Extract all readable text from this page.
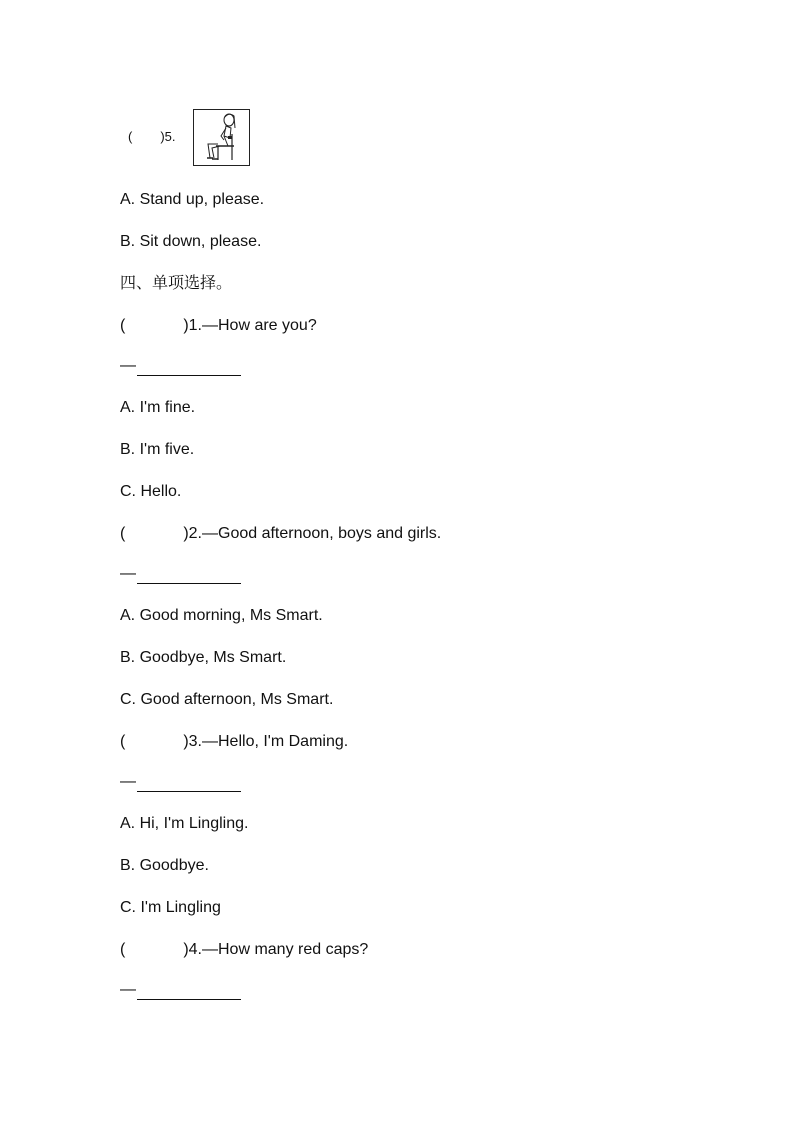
( )5.
A. Stand up, please.
B. Sit down, please.
四、单项选择。
(	)1.—How are you?
—
A. I'm fine.
B. I'm five.
C. Hello.
(	)2.—Good afternoon, boys and girls.
—
A. Good morning, Ms Smart.
B. Goodbye, Ms Smart.
C. Good afternoon, Ms Smart.
(	)3.—Hello, I'm Daming.
—
A. Hi, I'm Lingling.
B. Goodbye.
C. I'm Lingling
(	)4.—How many red caps?
—
